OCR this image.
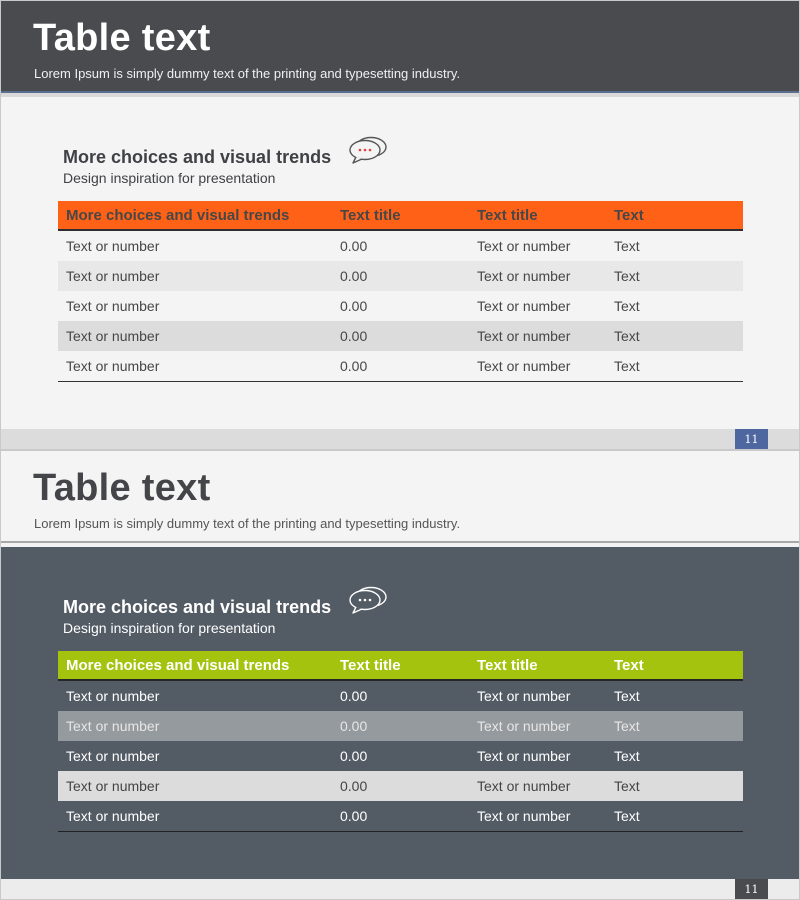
Table text
Lorem Ipsum is simply dummy text of the printing and typesetting industry.
More choices and visual trends
Design inspiration for presentation
More choices and visual trends	Text title	Text title	Text
Text or number	0.00	Text or number	Text
Text or number	0.00	Text or number	Text
Text or number	0.00	Text or number	Text
Text or number	0.00	Text or number	Text
Text or number	0.00	Text or number	Text
11
Table text
Lorem Ipsum is simply dummy text of the printing and typesetting industry.
More choices and visual trends
Design inspiration for presentation
More choices and visual trends	Text title	Text title	Text
Text or number	0.00	Text or number	Text
Text or number	0.00	Text or number	Text
Text or number	0.00	Text or number	Text
Text or number	0.00	Text or number	Text
Text or number	0.00	Text or number	Text
11
